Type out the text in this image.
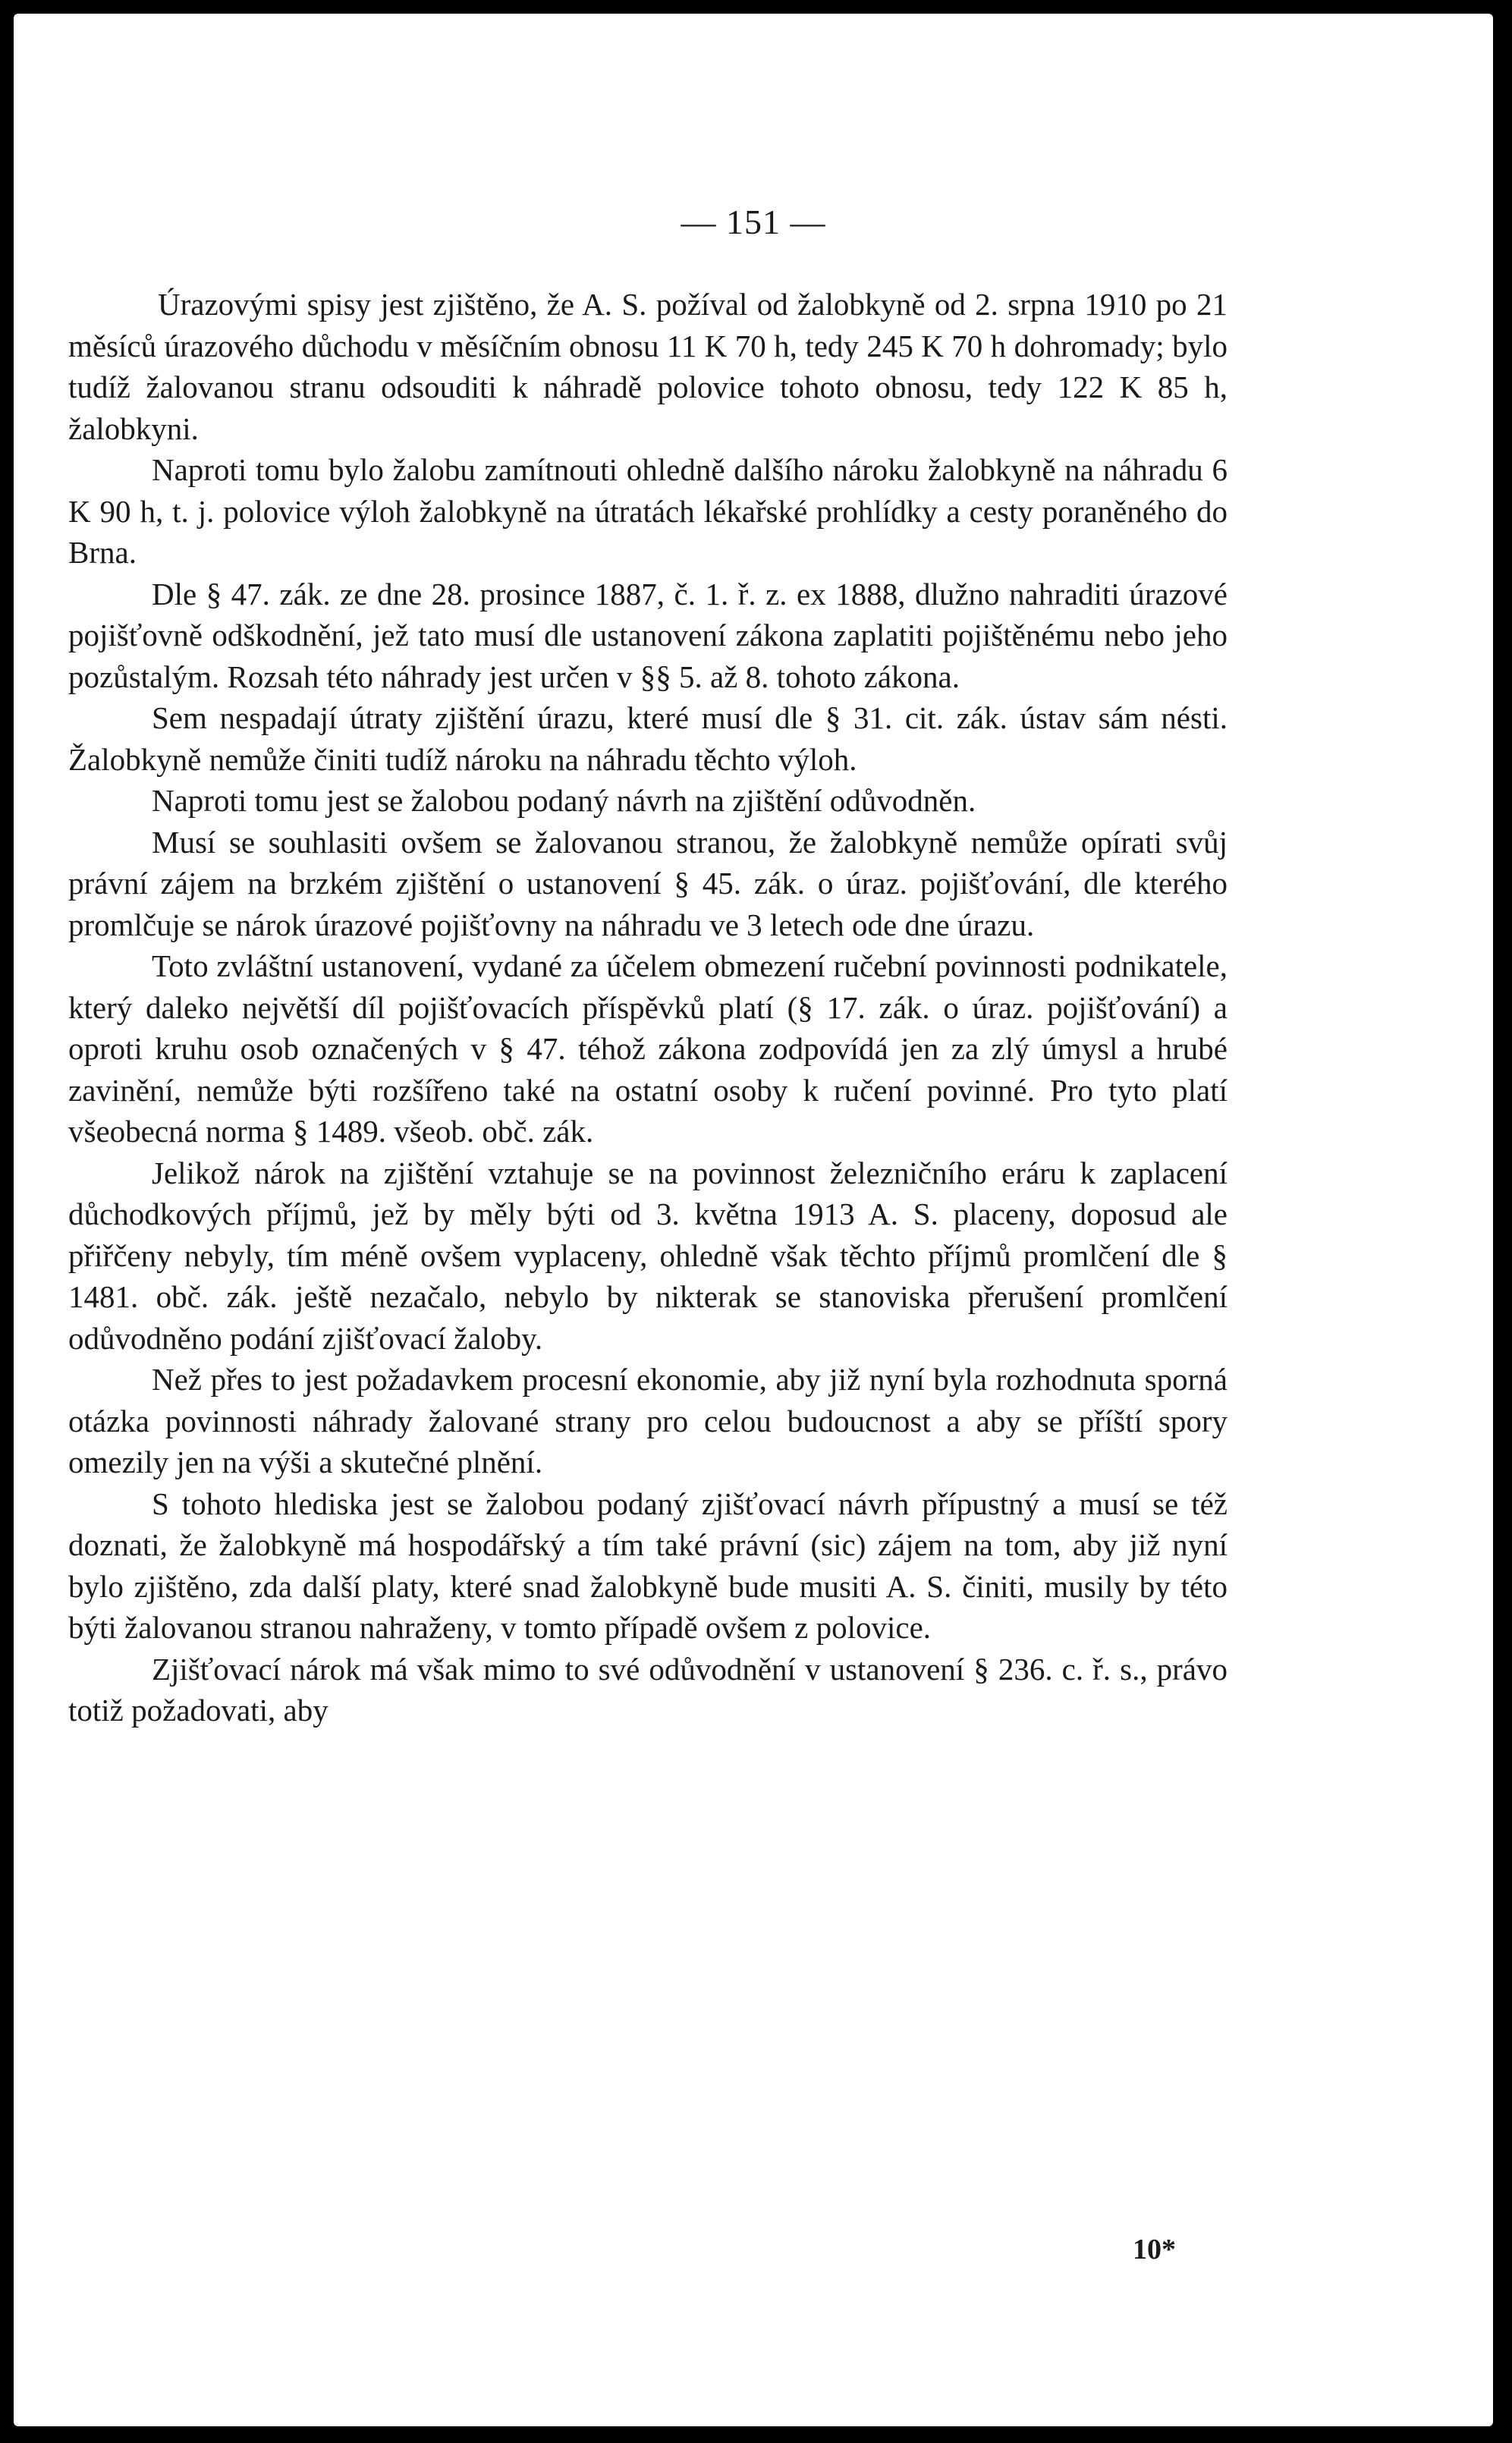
— 151 —

Úrazovými spisy jest zjištěno, že A. S. požíval od žalobkyně od 2. srpna 1910 po 21 měsíců úrazového důchodu v měsíčním obnosu 11 K 70 h, tedy 245 K 70 h dohromady; bylo tudíž žalovanou stranu odsouditi k náhradě polovice tohoto obnosu, tedy 122 K 85 h, žalobkyni.

Naproti tomu bylo žalobu zamítnouti ohledně dalšího nároku žalobkyně na náhradu 6 K 90 h, t. j. polovice výloh žalobkyně na útratách lékařské prohlídky a cesty poraněného do Brna.

Dle § 47. zák. ze dne 28. prosince 1887, č. 1. ř. z. ex 1888, dlužno nahraditi úrazové pojišťovně odškodnění, jež tato musí dle ustanovení zákona zaplatiti pojištěnému nebo jeho pozůstalým. Rozsah této náhrady jest určen v §§ 5. až 8. tohoto zákona.

Sem nespadají útraty zjištění úrazu, které musí dle § 31. cit. zák. ústav sám nésti. Žalobkyně nemůže činiti tudíž nároku na náhradu těchto výloh.

Naproti tomu jest se žalobou podaný návrh na zjištění odůvodněn.

Musí se souhlasiti ovšem se žalovanou stranou, že žalobkyně nemůže opírati svůj právní zájem na brzkém zjištění o ustanovení § 45. zák. o úraz. pojišťování, dle kterého promlčuje se nárok úrazové pojišťovny na náhradu ve 3 letech ode dne úrazu.

Toto zvláštní ustanovení, vydané za účelem obmezení ručební povinnosti podnikatele, který daleko největší díl pojišťovacích příspěvků platí (§ 17. zák. o úraz. pojišťování) a oproti kruhu osob označených v § 47. téhož zákona zodpovídá jen za zlý úmysl a hrubé zavinění, nemůže býti rozšířeno také na ostatní osoby k ručení povinné. Pro tyto platí všeobecná norma § 1489. všeob. obč. zák.

Jelikož nárok na zjištění vztahuje se na povinnost železničního eráru k zaplacení důchodkových příjmů, jež by měly býti od 3. května 1913 A. S. placeny, doposud ale přiřčeny nebyly, tím méně ovšem vyplaceny, ohledně však těchto příjmů promlčení dle § 1481. obč. zák. ještě nezačalo, nebylo by nikterak se stanoviska přerušení promlčení odůvodněno podání zjišťovací žaloby.

Než přes to jest požadavkem procesní ekonomie, aby již nyní byla rozhodnuta sporná otázka povinnosti náhrady žalované strany pro celou budoucnost a aby se příští spory omezily jen na výši a skutečné plnění.

S tohoto hlediska jest se žalobou podaný zjišťovací návrh přípustný a musí se též doznati, že žalobkyně má hospodářský a tím také právní (sic) zájem na tom, aby již nyní bylo zjištěno, zda další platy, které snad žalobkyně bude musiti A. S. činiti, musily by této býti žalovanou stranou nahraženy, v tomto případě ovšem z polovice.

Zjišťovací nárok má však mimo to své odůvodnění v ustanovení § 236. c. ř. s., právo totiž požadovati, aby

10*
